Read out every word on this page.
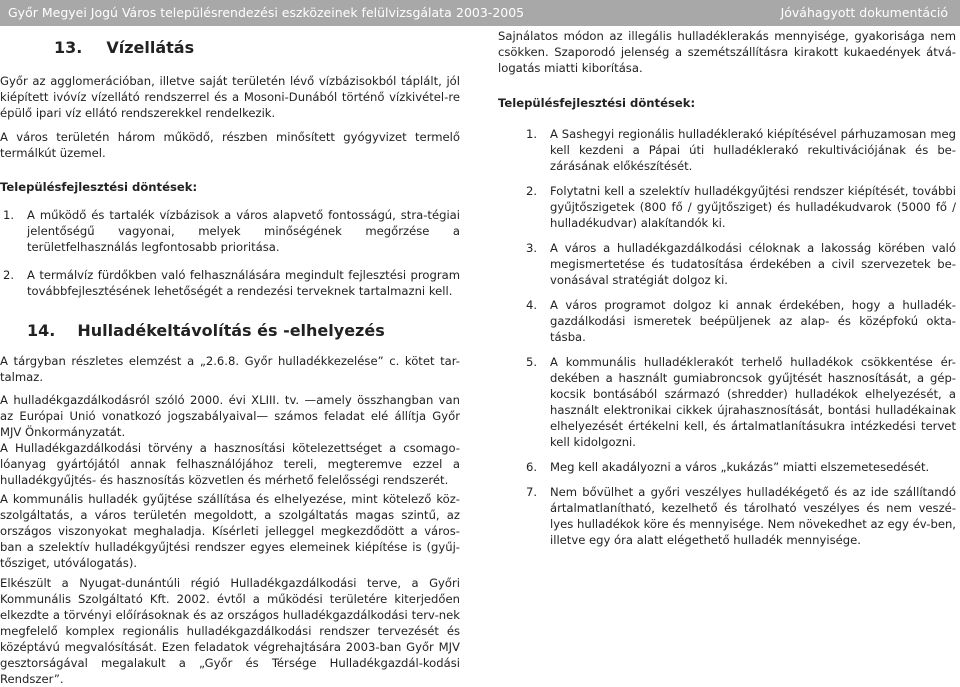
Győr Megyei Jogú Város településrendezési eszközeinek felülvizsgálata 2003-2005	Jóváhagyott dokumentáció
13. Vízellátás

Győr az agglomerációban, illetve saját területén lévő vízbázisokból táplált, jól kiépített ivóvíz vízellátó rendszerrel és a Mosoni-Dunából történő vízkivétel-re épülő ipari víz ellátó rendszerekkel rendelkezik.

A város területén három működő, részben minősített gyógyvizet termelő termálkút üzemel.

Településfejlesztési döntések:
1. A működő és tartalék vízbázisok a város alapvető fontosságú, stra-tégiai jelentőségű vagyonai, melyek minőségének megőrzése a területfelhasználás legfontosabb prioritása.
2. A termálvíz fürdőkben való felhasználására megindult fejlesztési program továbbfejlesztésének lehetőségét a rendezési terveknek tartalmazni kell.
14. Hulladékeltávolítás és -elhelyezés

A tárgyban részletes elemzést a „2.6.8. Győr hulladékkezelése” c. kötet tar-talmaz.

A hulladékgazdálkodásról szóló 2000. évi XLIII. tv. —amely összhangban van az Európai Unió vonatkozó jogszabályaival— számos feladat elé állítja Győr MJV Önkormányzatát.

A Hulladékgazdálkodási törvény a hasznosítási kötelezettséget a csomago-lóanyag gyártójától annak felhasználójához tereli, megteremve ezzel a hulladékgyűjtés- és hasznosítás közvetlen és mérhető felelősségi rendszerét.

A kommunális hulladék gyűjtése szállítása és elhelyezése, mint kötelező köz-szolgáltatás, a város területén megoldott, a szolgáltatás magas szintű, az országos viszonyokat meghaladja. Kísérleti jelleggel megkezdődött a város-ban a szelektív hulladékgyűjtési rendszer egyes elemeinek kiépítése is (gyűj-tősziget, utóválogatás).

Elkészült a Nyugat-dunántúli régió Hulladékgazdálkodási terve, a Győri Kommunális Szolgáltató Kft. 2002. évtől a működési területére kiterjedően elkezdte a törvényi előírásoknak és az országos hulladékgazdálkodási terv-nek megfelelő komplex regionális hulladékgazdálkodási rendszer tervezését és középtávú megvalósítását. Ezen feladatok végrehajtására 2003-ban Győr MJV gesztorságával megalakult a „Győr és Térsége Hulladékgazdál-kodási Rendszer”.

Sajnálatos módon az illegális hulladéklerakás mennyisége, gyakorisága nem csökken. Szaporodó jelenség a szemétszállításra kirakott kukaedények átvá-logatás miatti kiborítása.

Településfejlesztési döntések:
1. A Sashegyi regionális hulladéklerakó kiépítésével párhuzamosan meg kell kezdeni a Pápai úti hulladéklerakó rekultivációjának és be-zárásának előkészítését.
2. Folytatni kell a szelektív hulladékgyűjtési rendszer kiépítését, további gyűjtőszigetek (800 fő / gyűjtősziget) és hulladékudvarok (5000 fő / hulladékudvar) alakítandók ki.
3. A város a hulladékgazdálkodási céloknak a lakosság körében való megismertetése és tudatosítása érdekében a civil szervezetek be-vonásával stratégiát dolgoz ki.
4. A város programot dolgoz ki annak érdekében, hogy a hulladék-gazdálkodási ismeretek beépüljenek az alap- és középfokú okta-tásba.
5. A kommunális hulladéklerakót terhelő hulladékok csökkentése ér-dekében a használt gumiabroncsok gyűjtését hasznosítását, a gép-kocsik bontásából származó (shredder) hulladékok elhelyezését, a használt elektronikai cikkek újrahasznosítását, bontási hulladékainak elhelyezését értékelni kell, és ártalmatlanításukra intézkedési tervet kell kidolgozni.
6. Meg kell akadályozni a város „kukázás” miatti elszemetesedését.
7. Nem bővülhet a győri veszélyes hulladékégető és az ide szállítandó ártalmatlanítható, kezelhető és tárolható veszélyes és nem veszé-lyes hulladékok köre és mennyisége. Nem növekedhet az egy év-ben, illetve egy óra alatt elégethető hulladék mennyisége.
